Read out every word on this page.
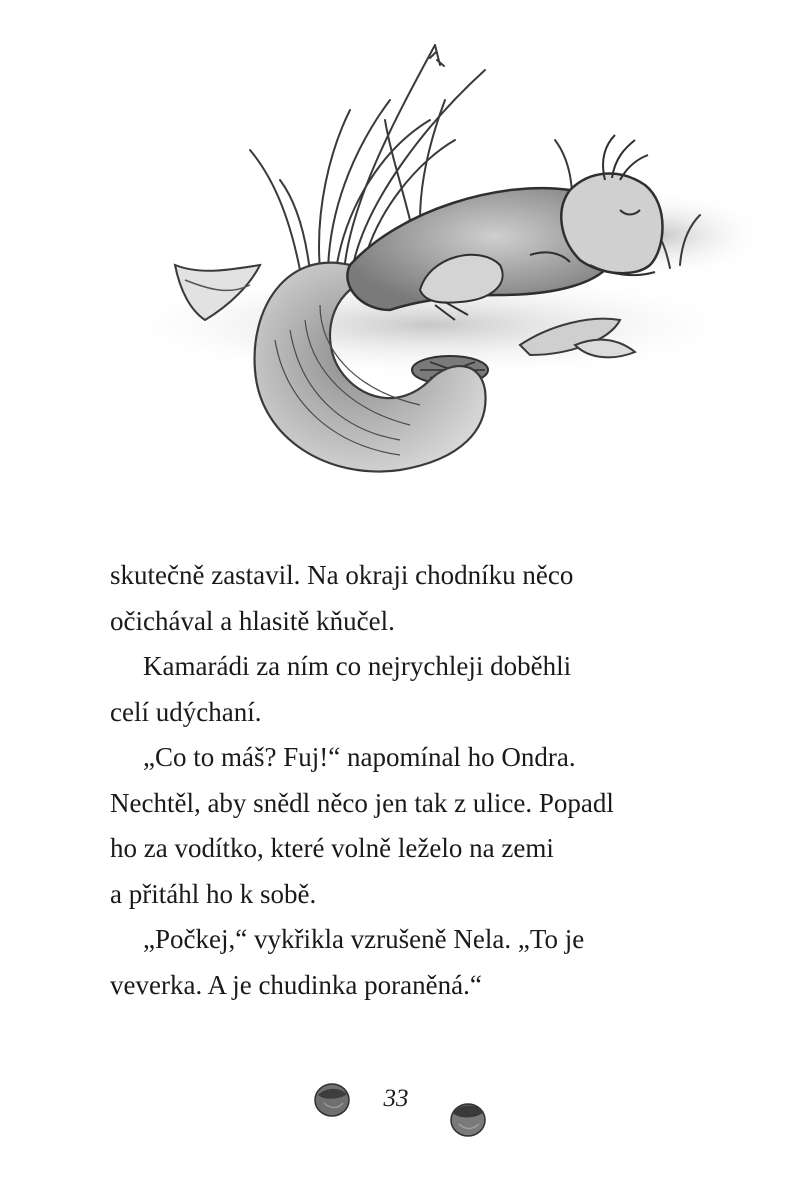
skutečně zastavil. Na okraji chodníku něco
očichával a hlasitě kňučel.
Kamarádi za ním co nejrychleji doběhli
celí udýchaní.
„Co to máš? Fuj!“ napomínal ho Ondra.
Nechtěl, aby snědl něco jen tak z ulice. Popadl
ho za vodítko, které volně leželo na zemi
a přitáhl ho k sobě.
„Počkej,“ vykřikla vzrušeně Nela. „To je
veverka. A je chudinka poraněná.“
33
